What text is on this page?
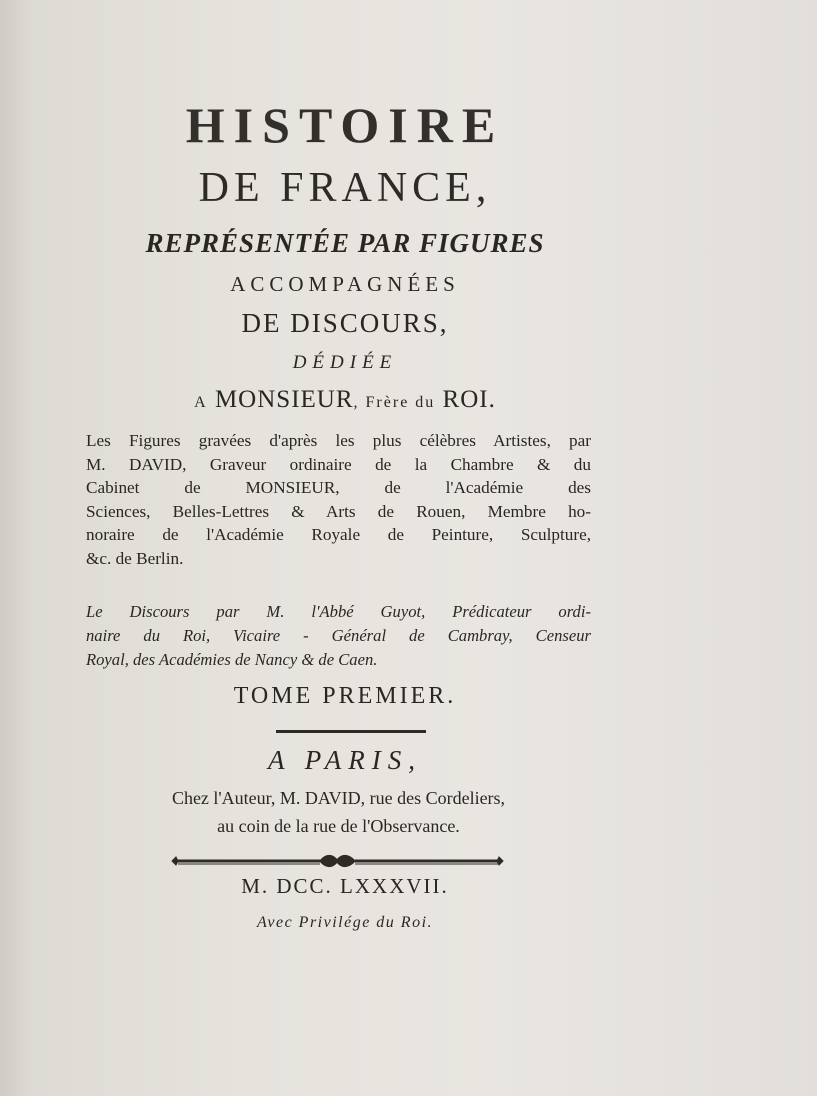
HISTOIRE
DE FRANCE,
REPRÉSENTÉE PAR FIGURES
ACCOMPAGNÉES
DE DISCOURS,
DÉDIÉE
A MONSIEUR, Frère du ROI.
Les Figures gravées d'après les plus célèbres Artistes, par
M. DAVID, Graveur ordinaire de la Chambre & du
Cabinet de MONSIEUR, de l'Académie des
Sciences, Belles-Lettres & Arts de Rouen, Membre ho-
noraire de l'Académie Royale de Peinture, Sculpture,
&c. de Berlin.
Le Discours par M. l'Abbé Guyot, Prédicateur ordi-
naire du Roi, Vicaire - Général de Cambray, Censeur
Royal, des Académies de Nancy & de Caen.
TOME PREMIER.
A PARIS,
Chez l'Auteur, M. DAVID, rue des Cordeliers,
au coin de la rue de l'Observance.
M. DCC. LXXXVII.
Avec Privilége du Roi.
